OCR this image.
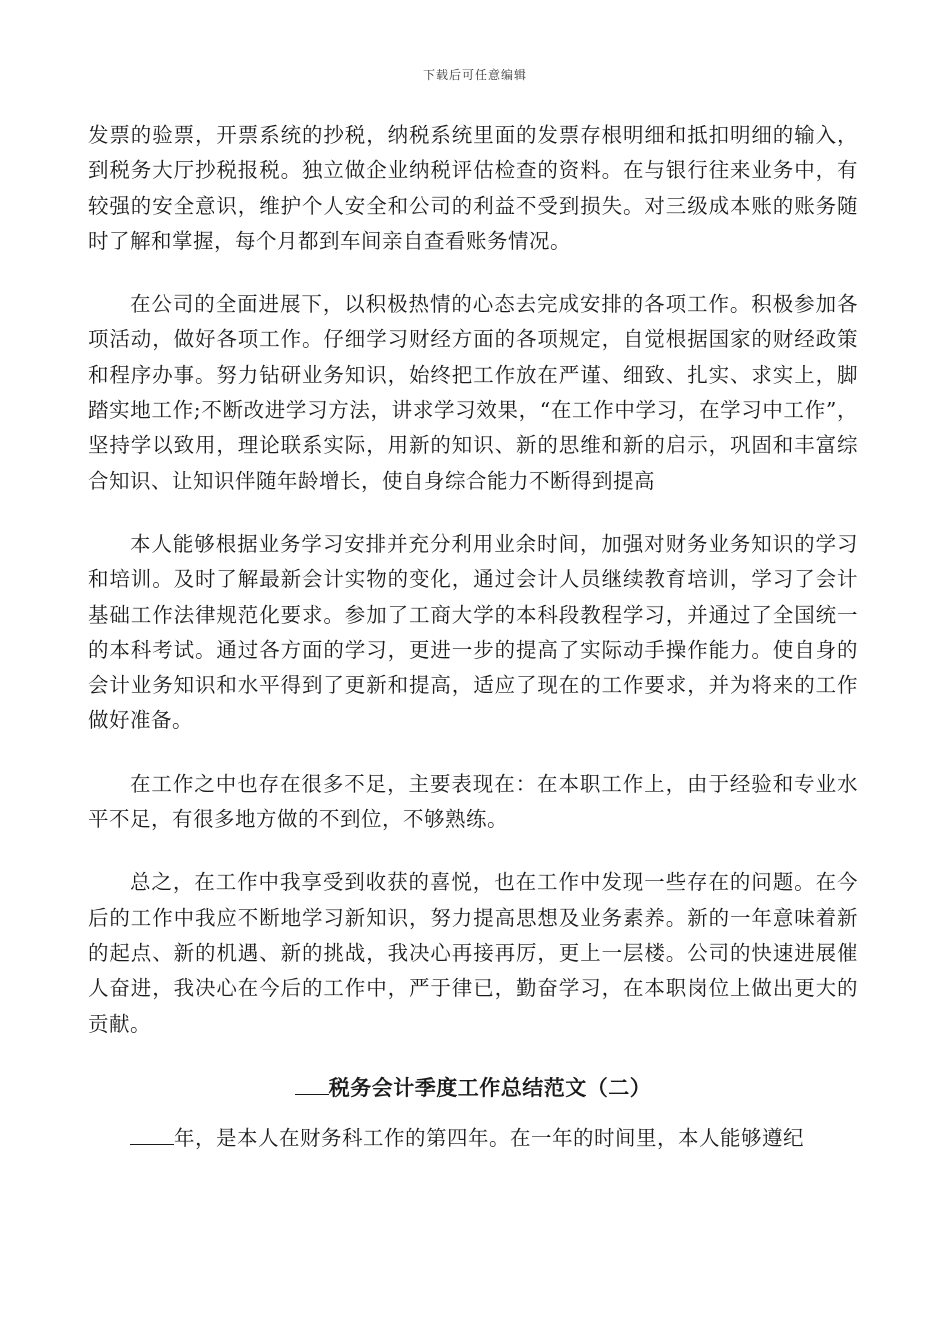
下载后可任意编辑

发票的验票，开票系统的抄税，纳税系统里面的发票存根明细和抵扣明细的输入，到税务大厅抄税报税。独立做企业纳税评估检查的资料。在与银行往来业务中，有较强的安全意识，维护个人安全和公司的利益不受到损失。对三级成本账的账务随时了解和掌握，每个月都到车间亲自查看账务情况。

在公司的全面进展下，以积极热情的心态去完成安排的各项工作。积极参加各项活动，做好各项工作。仔细学习财经方面的各项规定，自觉根据国家的财经政策和程序办事。努力钻研业务知识，始终把工作放在严谨、细致、扎实、求实上，脚踏实地工作;不断改进学习方法，讲求学习效果，“在工作中学习，在学习中工作”，坚持学以致用，理论联系实际，用新的知识、新的思维和新的启示，巩固和丰富综合知识、让知识伴随年龄增长，使自身综合能力不断得到提高

本人能够根据业务学习安排并充分利用业余时间，加强对财务业务知识的学习和培训。及时了解最新会计实物的变化，通过会计人员继续教育培训，学习了会计基础工作法律规范化要求。参加了工商大学的本科段教程学习，并通过了全国统一的本科考试。通过各方面的学习，更进一步的提高了实际动手操作能力。使自身的会计业务知识和水平得到了更新和提高，适应了现在的工作要求，并为将来的工作做好准备。

在工作之中也存在很多不足，主要表现在：在本职工作上，由于经验和专业水平不足，有很多地方做的不到位，不够熟练。

总之，在工作中我享受到收获的喜悦，也在工作中发现一些存在的问题。在今后的工作中我应不断地学习新知识，努力提高思想及业务素养。新的一年意味着新的起点、新的机遇、新的挑战，我决心再接再厉，更上一层楼。公司的快速进展催人奋进，我决心在今后的工作中，严于律已，勤奋学习，在本职岗位上做出更大的贡献。

税务会计季度工作总结范文（二）

年，是本人在财务科工作的第四年。在一年的时间里，本人能够遵纪
